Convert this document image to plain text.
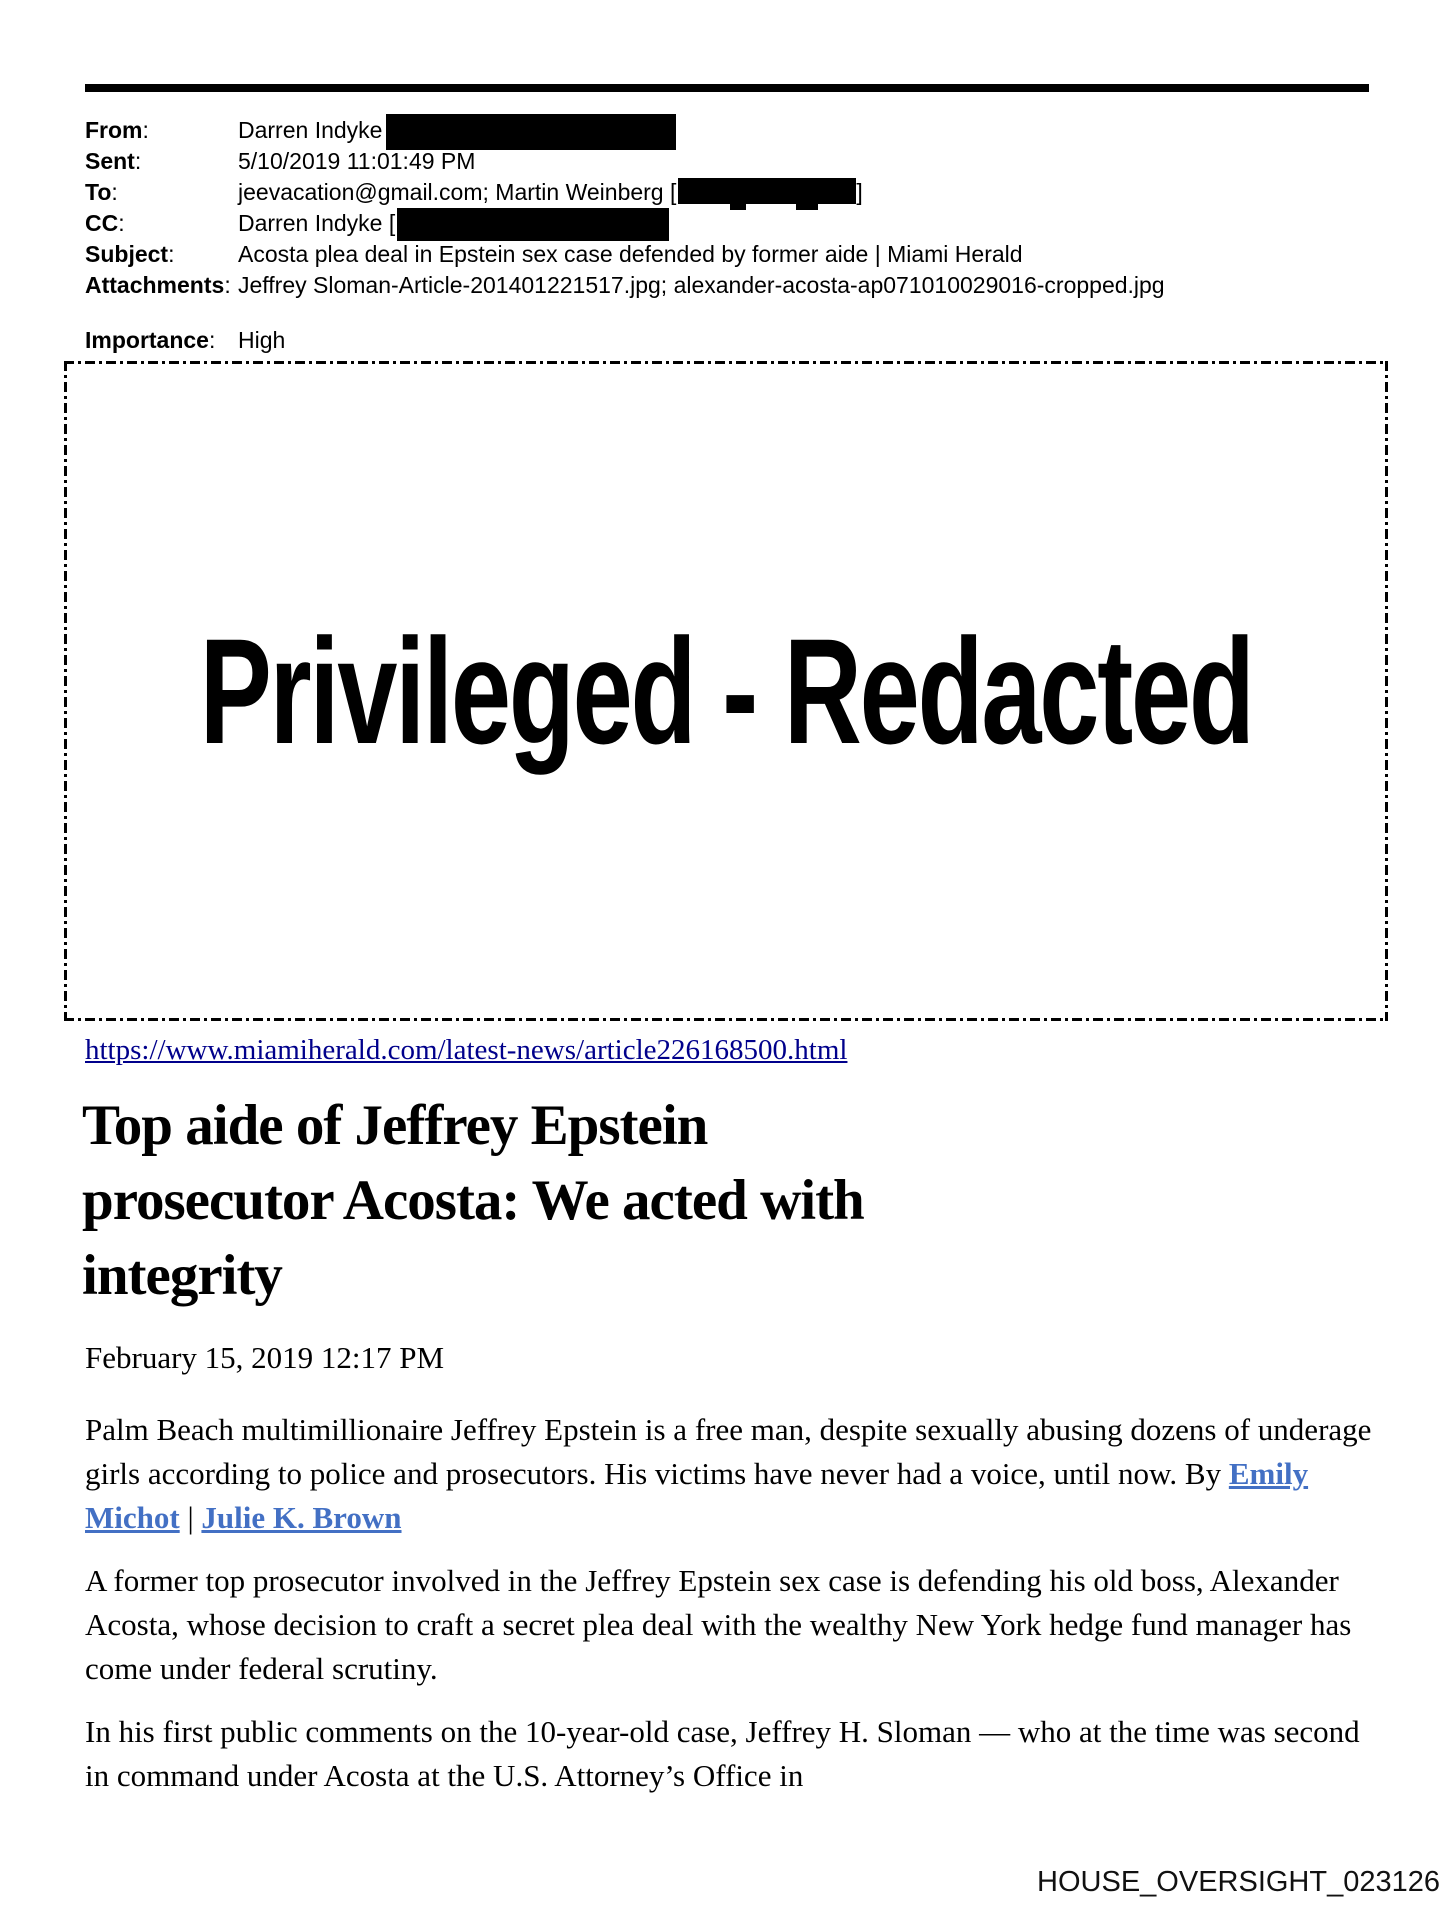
From:	Darren Indyke
Sent:	5/10/2019 11:01:49 PM
To:	jeevacation@gmail.com; Martin Weinberg [	]
CC:	Darren Indyke [
Subject:	Acosta plea deal in Epstein sex case defended by former aide | Miami Herald
Attachments: Jeffrey Sloman-Article-201401221517.jpg; alexander-acosta-ap071010029016-cropped.jpg
Importance: High
Privileged - Redacted
https://www.miamiherald.com/latest-news/article226168500.html
Top aide of Jeffrey Epstein
prosecutor Acosta: We acted with
integrity
February 15, 2019 12:17 PM

Palm Beach multimillionaire Jeffrey Epstein is a free man, despite sexually abusing dozens of underage girls according to police and prosecutors. His victims have never had a voice, until now. By Emily Michot | Julie K. Brown

A former top prosecutor involved in the Jeffrey Epstein sex case is defending his old boss, Alexander Acosta, whose decision to craft a secret plea deal with the wealthy New York hedge fund manager has come under federal scrutiny.

In his first public comments on the 10-year-old case, Jeffrey H. Sloman — who at the time was second in command under Acosta at the U.S. Attorney’s Office in

HOUSE_OVERSIGHT_023126
